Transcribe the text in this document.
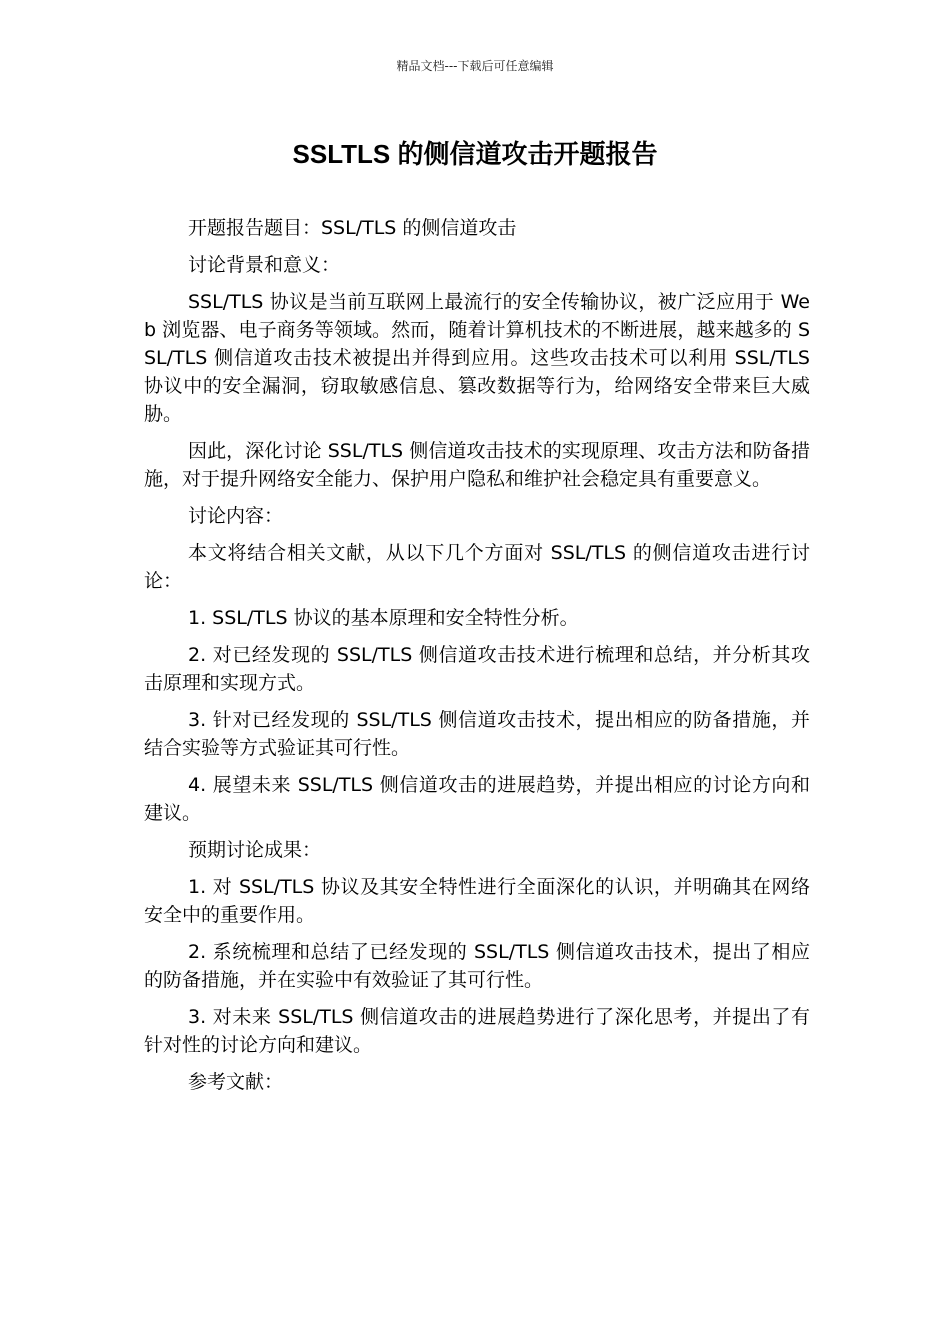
精品文档---下载后可任意编辑
SSLTLS 的侧信道攻击开题报告

开题报告题目：SSL/TLS 的侧信道攻击

讨论背景和意义：

SSL/TLS 协议是当前互联网上最流行的安全传输协议，被广泛应用于 Web 浏览器、电子商务等领域。然而，随着计算机技术的不断进展，越来越多的 SSL/TLS 侧信道攻击技术被提出并得到应用。这些攻击技术可以利用 SSL/TLS 协议中的安全漏洞，窃取敏感信息、篡改数据等行为，给网络安全带来巨大威胁。

因此，深化讨论 SSL/TLS 侧信道攻击技术的实现原理、攻击方法和防备措施，对于提升网络安全能力、保护用户隐私和维护社会稳定具有重要意义。

讨论内容：

本文将结合相关文献，从以下几个方面对 SSL/TLS 的侧信道攻击进行讨论：

1. SSL/TLS 协议的基本原理和安全特性分析。

2. 对已经发现的 SSL/TLS 侧信道攻击技术进行梳理和总结，并分析其攻击原理和实现方式。

3. 针对已经发现的 SSL/TLS 侧信道攻击技术，提出相应的防备措施，并结合实验等方式验证其可行性。

4. 展望未来 SSL/TLS 侧信道攻击的进展趋势，并提出相应的讨论方向和建议。

预期讨论成果：

1. 对 SSL/TLS 协议及其安全特性进行全面深化的认识，并明确其在网络安全中的重要作用。

2. 系统梳理和总结了已经发现的 SSL/TLS 侧信道攻击技术，提出了相应的防备措施，并在实验中有效验证了其可行性。

3. 对未来 SSL/TLS 侧信道攻击的进展趋势进行了深化思考，并提出了有针对性的讨论方向和建议。

参考文献：
